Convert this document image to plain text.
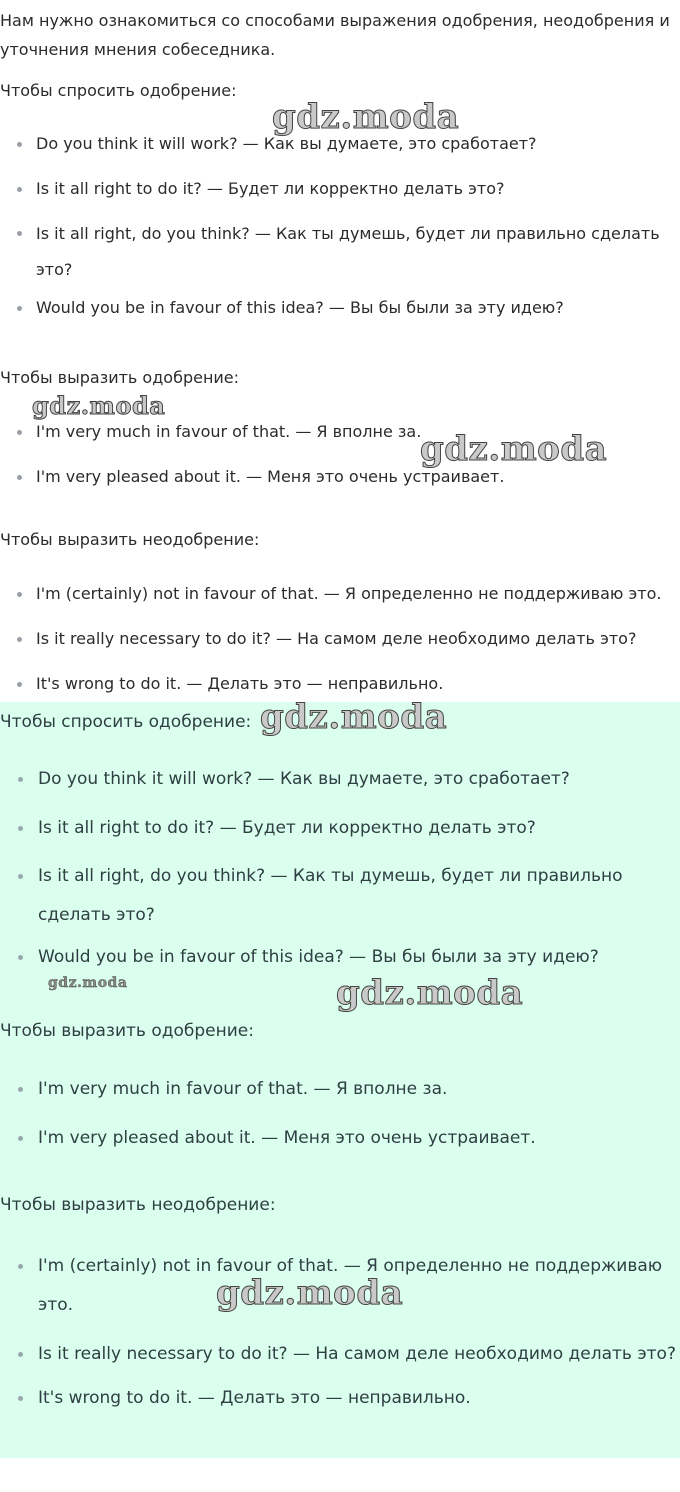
Нам нужно ознакомиться со способами выражения одобрения, неодобрения и уточнения мнения собеседника.

Чтобы спросить одобрение:

Do you think it will work? — Как вы думаете, это сработает?
Is it all right to do it? — Будет ли корректно делать это?
Is it all right, do you think? — Как ты думешь, будет ли правильно сделать это?
Would you be in favour of this idea? — Вы бы были за эту идею?

Чтобы выразить одобрение:

I'm very much in favour of that. — Я вполне за.
I'm very pleased about it. — Меня это очень устраивает.

Чтобы выразить неодобрение:

I'm (certainly) not in favour of that. — Я определенно не поддерживаю это.
Is it really necessary to do it? — На самом деле необходимо делать это?
It's wrong to do it. — Делать это — неправильно.

Чтобы спросить одобрение:

Do you think it will work? — Как вы думаете, это сработает?
Is it all right to do it? — Будет ли корректно делать это?
Is it all right, do you think? — Как ты думешь, будет ли правильно сделать это?
Would you be in favour of this idea? — Вы бы были за эту идею?

Чтобы выразить одобрение:

I'm very much in favour of that. — Я вполне за.
I'm very pleased about it. — Меня это очень устраивает.

Чтобы выразить неодобрение:

I'm (certainly) not in favour of that. — Я определенно не поддерживаю это.
Is it really necessary to do it? — На самом деле необходимо делать это?
It's wrong to do it. — Делать это — неправильно.
gdz.moda
gdz.moda
gdz.moda
gdz.moda
gdz.moda	gdz.moda
gdz.moda
